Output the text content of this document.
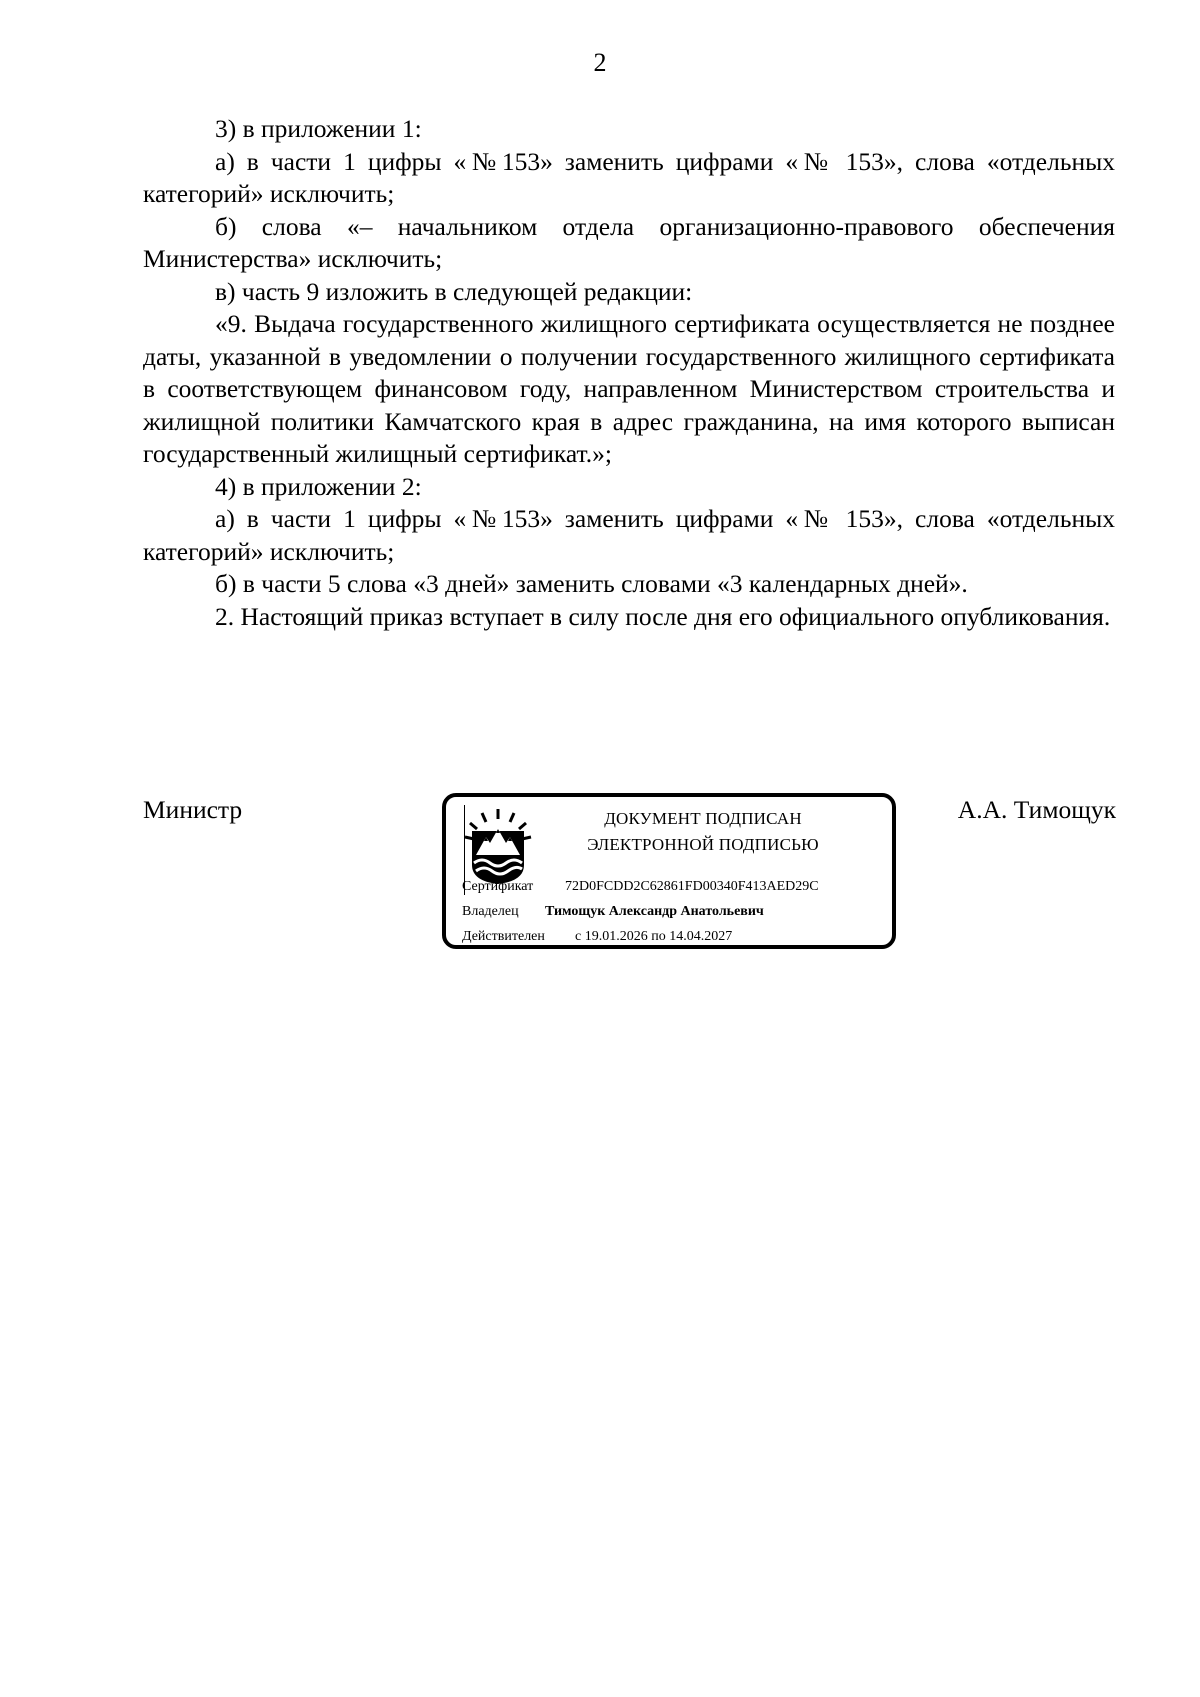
2

3) в приложении 1:

а) в части 1 цифры «№153» заменить цифрами «№ 153», слова «отдельных категорий» исключить;

б) слова «– начальником отдела организационно-правового обеспечения Министерства» исключить;

в) часть 9 изложить в следующей редакции:

«9. Выдача государственного жилищного сертификата осуществляется не позднее даты, указанной в уведомлении о получении государственного жилищного сертификата в соответствующем финансовом году, направленном Министерством строительства и жилищной политики Камчатского края в адрес гражданина, на имя которого выписан государственный жилищный сертификат.»;

4) в приложении 2:

а) в части 1 цифры «№153» заменить цифрами «№ 153», слова «отдельных категорий» исключить;

б) в части 5 слова «3 дней» заменить словами «3 календарных дней».

2. Настоящий приказ вступает в силу после дня его официального опубликования.

Министр	ДОКУМЕНТ ПОДПИСАН
ЭЛЕКТРОННОЙ ПОДПИСЬЮ
Сертификат 72D0FCDD2C62861FD00340F413AED29C
Владелец Тимощук Александр Анатольевич
Действителен с 19.01.2026 по 14.04.2027
А.А. Тимощук
